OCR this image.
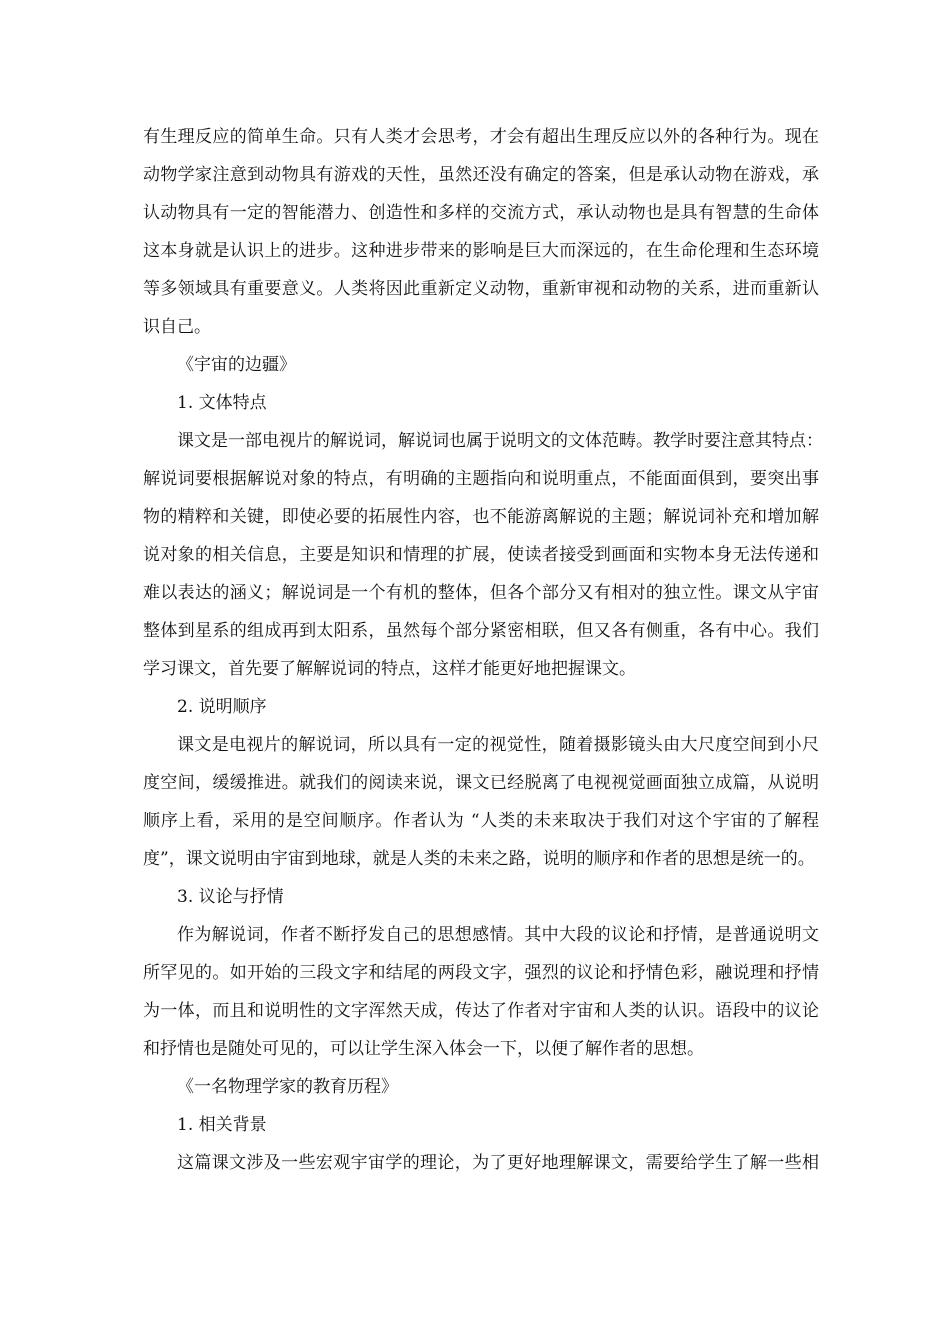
有生理反应的简单生命。只有人类才会思考，才会有超出生理反应以外的各种行为。现在
动物学家注意到动物具有游戏的天性，虽然还没有确定的答案，但是承认动物在游戏，承
认动物具有一定的智能潜力、创造性和多样的交流方式，承认动物也是具有智慧的生命体
这本身就是认识上的进步。这种进步带来的影响是巨大而深远的，在生命伦理和生态环境
等多领域具有重要意义。人类将因此重新定义动物，重新审视和动物的关系，进而重新认
识自己。
《宇宙的边疆》
1. 文体特点
课文是一部电视片的解说词，解说词也属于说明文的文体范畴。教学时要注意其特点：
解说词要根据解说对象的特点，有明确的主题指向和说明重点，不能面面俱到，要突出事
物的精粹和关键，即使必要的拓展性内容，也不能游离解说的主题；解说词补充和增加解
说对象的相关信息，主要是知识和情理的扩展，使读者接受到画面和实物本身无法传递和
难以表达的涵义；解说词是一个有机的整体，但各个部分又有相对的独立性。课文从宇宙
整体到星系的组成再到太阳系，虽然每个部分紧密相联，但又各有侧重，各有中心。我们
学习课文，首先要了解解说词的特点，这样才能更好地把握课文。
2. 说明顺序
课文是电视片的解说词，所以具有一定的视觉性，随着摄影镜头由大尺度空间到小尺
度空间，缓缓推进。就我们的阅读来说，课文已经脱离了电视视觉画面独立成篇，从说明
顺序上看，采用的是空间顺序。作者认为 “人类的未来取决于我们对这个宇宙的了解程
度”，课文说明由宇宙到地球，就是人类的未来之路，说明的顺序和作者的思想是统一的。
3. 议论与抒情
作为解说词，作者不断抒发自己的思想感情。其中大段的议论和抒情，是普通说明文
所罕见的。如开始的三段文字和结尾的两段文字，强烈的议论和抒情色彩，融说理和抒情
为一体，而且和说明性的文字浑然天成，传达了作者对宇宙和人类的认识。语段中的议论
和抒情也是随处可见的，可以让学生深入体会一下，以便了解作者的思想。
《一名物理学家的教育历程》
1. 相关背景
这篇课文涉及一些宏观宇宙学的理论，为了更好地理解课文，需要给学生了解一些相
